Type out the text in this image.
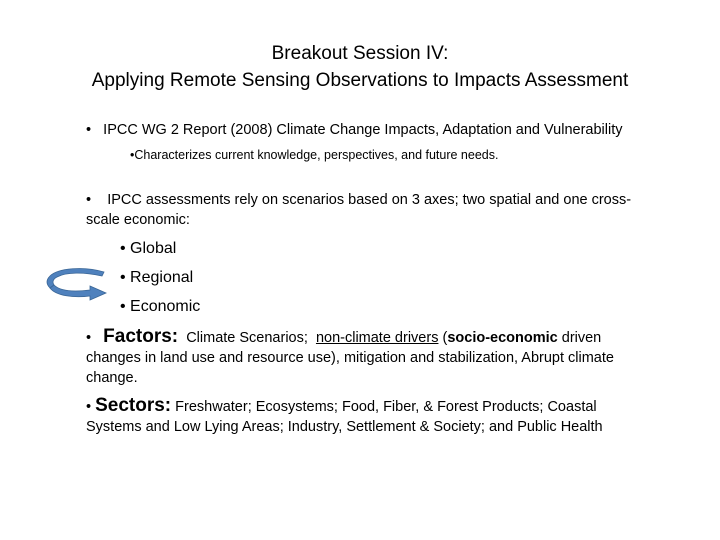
Breakout Session IV:
Applying Remote Sensing Observations to Impacts Assessment
• IPCC WG 2 Report (2008) Climate Change Impacts, Adaptation and Vulnerability
•Characterizes current knowledge, perspectives, and future needs.
• IPCC assessments rely on scenarios based on 3 axes; two spatial and one cross-scale economic:
• Global
• Regional
• Economic
• Factors: Climate Scenarios; non-climate drivers (socio-economic driven changes in land use and resource use), mitigation and stabilization, Abrupt climate change.
• Sectors: Freshwater; Ecosystems; Food, Fiber, & Forest Products; Coastal Systems and Low Lying Areas; Industry, Settlement & Society; and Public Health
